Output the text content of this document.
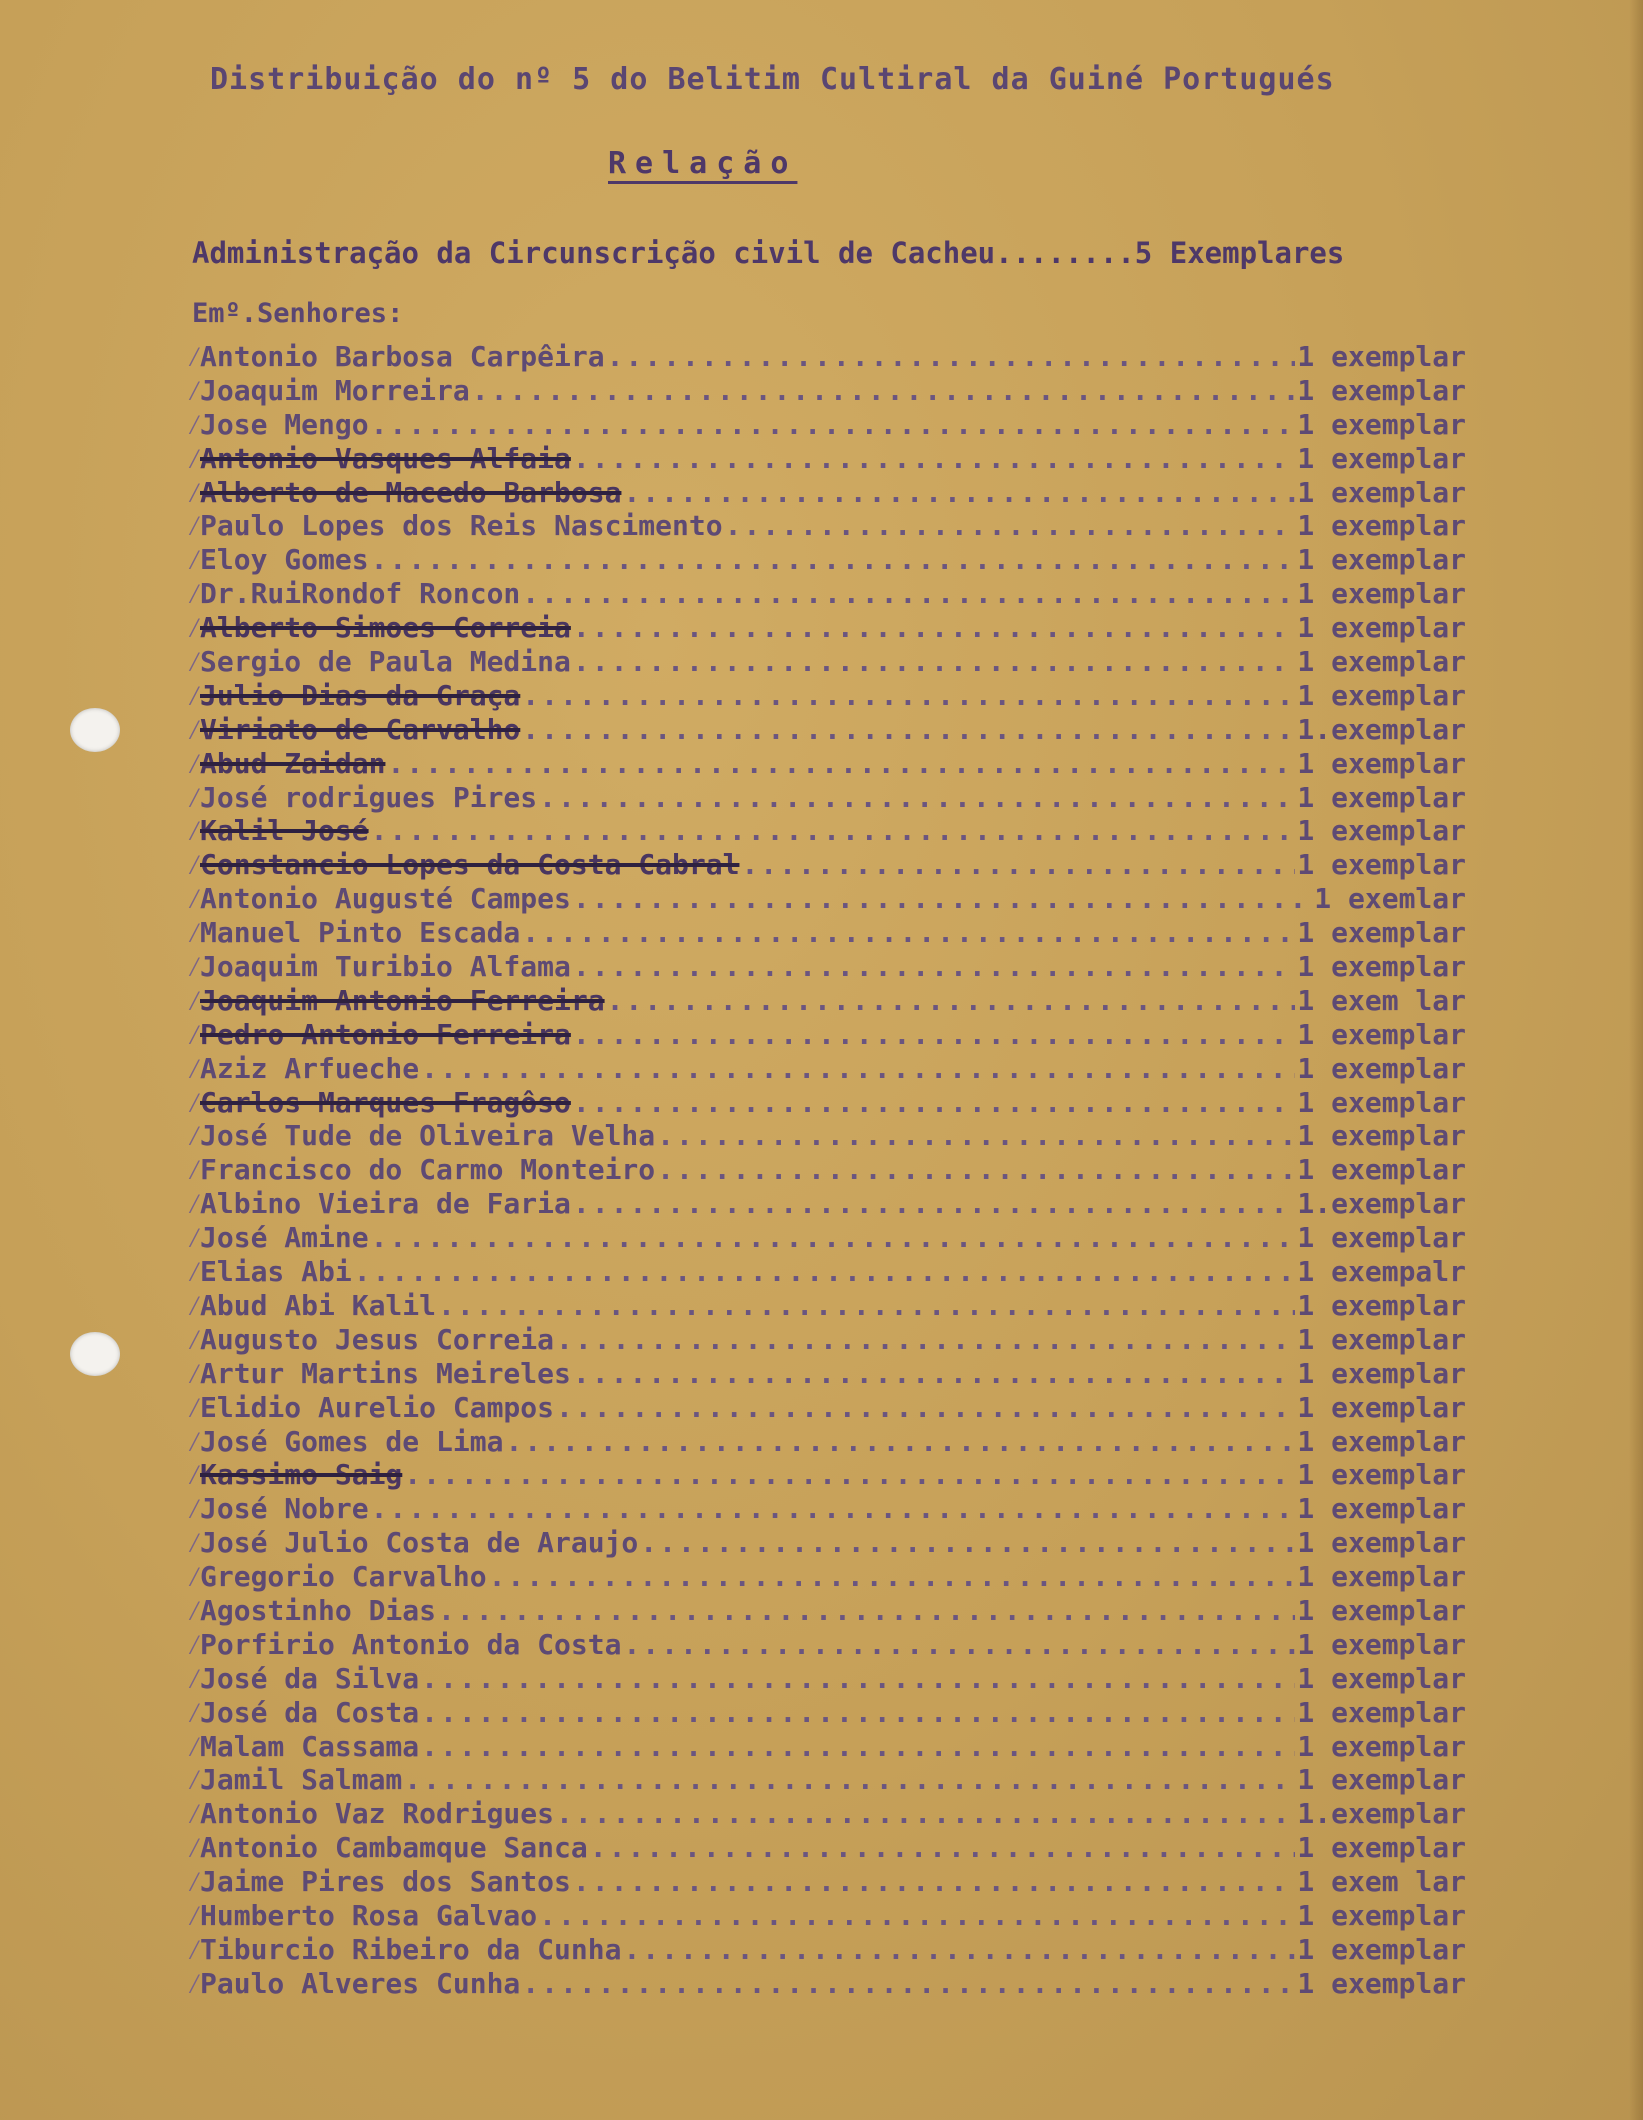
Distribuição do nº 5 do Belitim Cultiral da Guiné Portugués
Relação
Administração da Circunscrição civil de Cacheu........5 Exemplares
Emº.Senhores:
⁄
Antonio Barbosa Carpêira .....	1 exemplar
⁄
Joaquim Morreira .....	1 exemplar
⁄
Jose Mengo .....	1 exemplar
⁄
Antonio Vasques Alfaia .....	1 exemplar
⁄
Alberto de Macedo Barbosa .....	1 exemplar
⁄
Paulo Lopes dos Reis Nascimento .....	1 exemplar
⁄
Eloy Gomes .....	1 exemplar
⁄
Dr.RuiRondof Roncon .....	1 exemplar
⁄
Alberto Simoes Correia .....	1 exemplar
⁄
Sergio de Paula Medina .....	1 exemplar
⁄
Julio Dias da Graça .....	1 exemplar
⁄
Viriato de Carvalho .....	1.exemplar
⁄
Abud Zaidan .....	1 exemplar
⁄
José rodrigues Pires .....	1 exemplar
⁄
Kalil José .....	1 exemplar
⁄
Constancio Lopes da Costa Cabral .....	1 exemplar
⁄
Antonio Augusté Campes .....	1 exemlar
⁄
Manuel Pinto Escada .....	1 exemplar
⁄
Joaquim Turibio Alfama .....	1 exemplar
⁄
Joaquim Antonio Ferreira .....	1 exem lar
⁄
Pedro Antonio Ferreira .....	1 exemplar
⁄
Aziz Arfueche .....	1 exemplar
⁄
Carlos Marques Fragôso .....	1 exemplar
⁄
José Tude de Oliveira Velha .....	1 exemplar
⁄
Francisco do Carmo Monteiro .....	1 exemplar
⁄
Albino Vieira de Faria .....	1.exemplar
⁄
José Amine .....	1 exemplar
⁄
Elias Abi .....	1 exempalr
⁄
Abud Abi Kalil .....	1 exemplar
⁄
Augusto Jesus Correia .....	1 exemplar
⁄
Artur Martins Meireles .....	1 exemplar
⁄
Elidio Aurelio Campos .....	1 exemplar
⁄
José Gomes de Lima .....	1 exemplar
⁄
Kassimo Saig .....	1 exemplar
⁄
José Nobre .....	1 exemplar
⁄
José Julio Costa de Araujo .....	1 exemplar
⁄
Gregorio Carvalho .....	1 exemplar
⁄
Agostinho Dias .....	1 exemplar
⁄
Porfirio Antonio da Costa .....	1 exemplar
⁄
José da Silva .....	1 exemplar
⁄
José da Costa .....	1 exemplar
⁄
Malam Cassama .....	1 exemplar
⁄
Jamil Salmam .....	1 exemplar
⁄
Antonio Vaz Rodrigues .....	1.exemplar
⁄
Antonio Cambamque Sanca .....	1 exemplar
⁄
Jaime Pires dos Santos .....	1 exem lar
⁄
Humberto Rosa Galvao .....	1 exemplar
⁄
Tiburcio Ribeiro da Cunha .....	1 exemplar
⁄
Paulo Alveres Cunha .....	1 exemplar
